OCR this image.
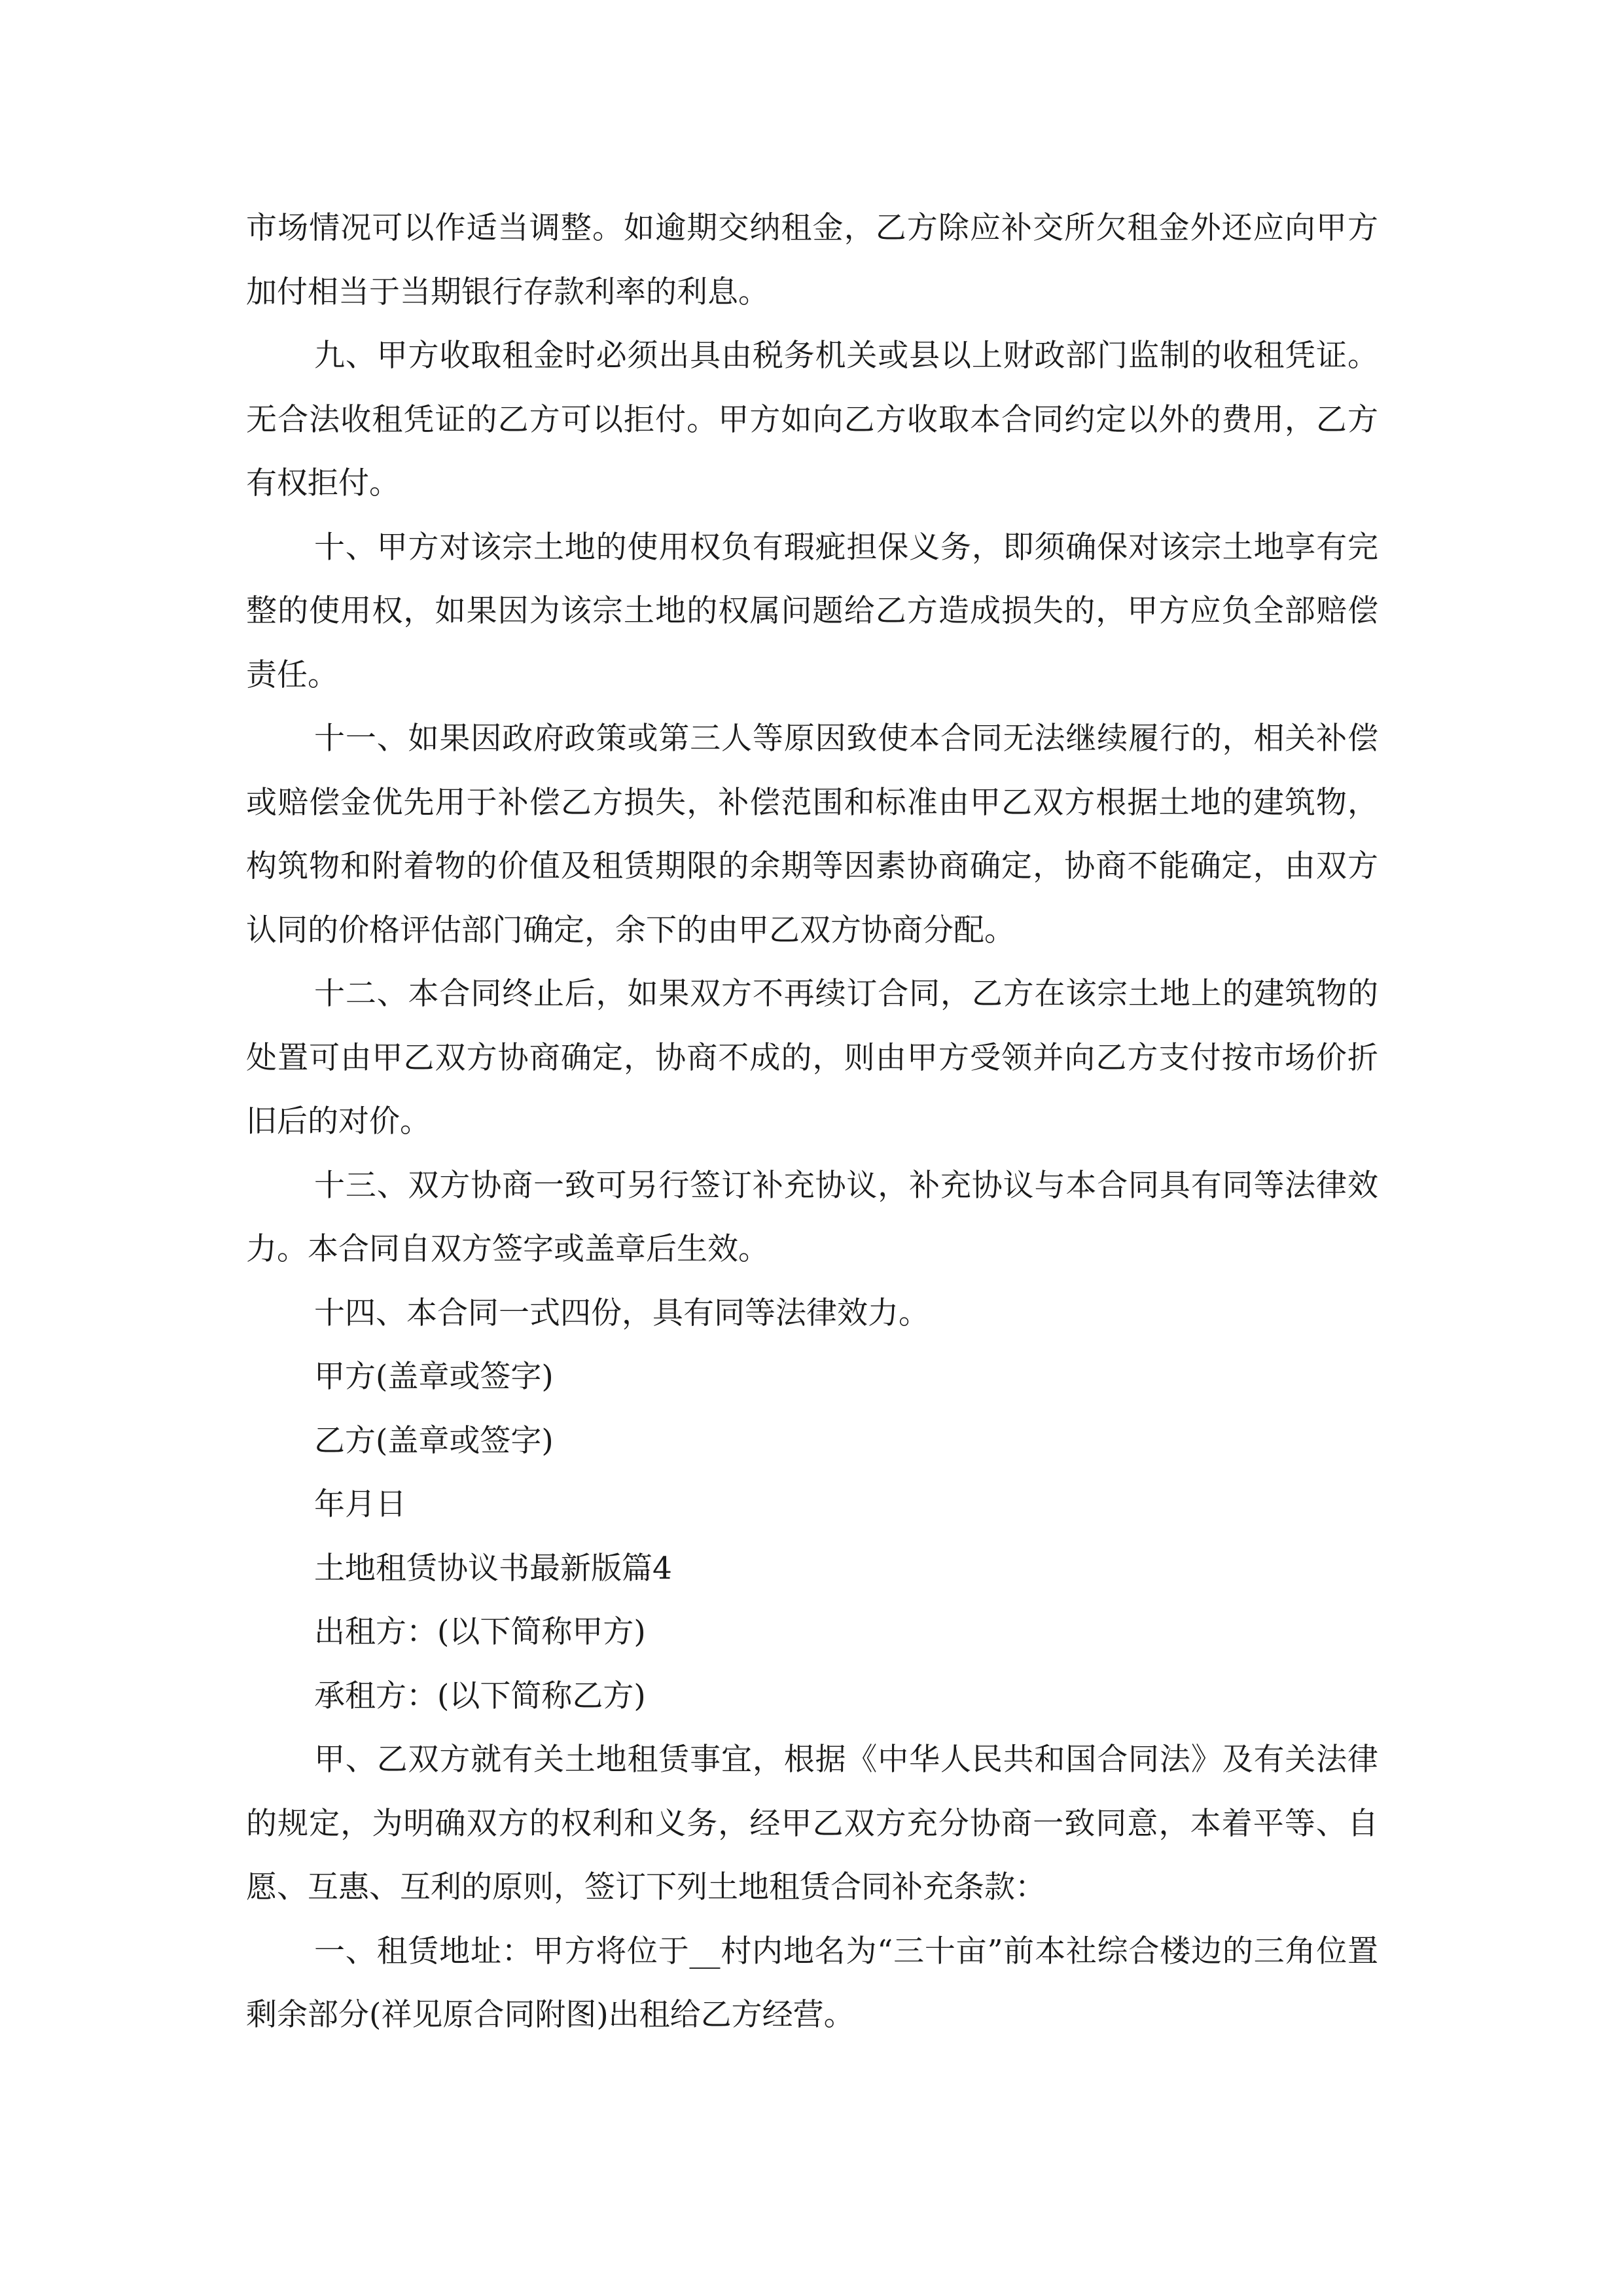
市场情况可以作适当调整。如逾期交纳租金，乙方除应补交所欠租金外还应向甲方加付相当于当期银行存款利率的利息。

九、甲方收取租金时必须出具由税务机关或县以上财政部门监制的收租凭证。无合法收租凭证的乙方可以拒付。甲方如向乙方收取本合同约定以外的费用，乙方有权拒付。

十、甲方对该宗土地的使用权负有瑕疵担保义务，即须确保对该宗土地享有完整的使用权，如果因为该宗土地的权属问题给乙方造成损失的，甲方应负全部赔偿责任。

十一、如果因政府政策或第三人等原因致使本合同无法继续履行的，相关补偿或赔偿金优先用于补偿乙方损失，补偿范围和标准由甲乙双方根据土地的建筑物，构筑物和附着物的价值及租赁期限的余期等因素协商确定，协商不能确定，由双方认同的价格评估部门确定，余下的由甲乙双方协商分配。

十二、本合同终止后，如果双方不再续订合同，乙方在该宗土地上的建筑物的处置可由甲乙双方协商确定，协商不成的，则由甲方受领并向乙方支付按市场价折旧后的对价。

十三、双方协商一致可另行签订补充协议，补充协议与本合同具有同等法律效力。本合同自双方签字或盖章后生效。

十四、本合同一式四份，具有同等法律效力。

甲方(盖章或签字)

乙方(盖章或签字)

年月日

土地租赁协议书最新版篇4

出租方：(以下简称甲方)

承租方：(以下简称乙方)

甲、乙双方就有关土地租赁事宜，根据《中华人民共和国合同法》及有关法律的规定，为明确双方的权利和义务，经甲乙双方充分协商一致同意，本着平等、自愿、互惠、互利的原则，签订下列土地租赁合同补充条款：

一、租赁地址：甲方将位于__村内地名为“三十亩”前本社综合楼边的三角位置剩余部分(祥见原合同附图)出租给乙方经营。
